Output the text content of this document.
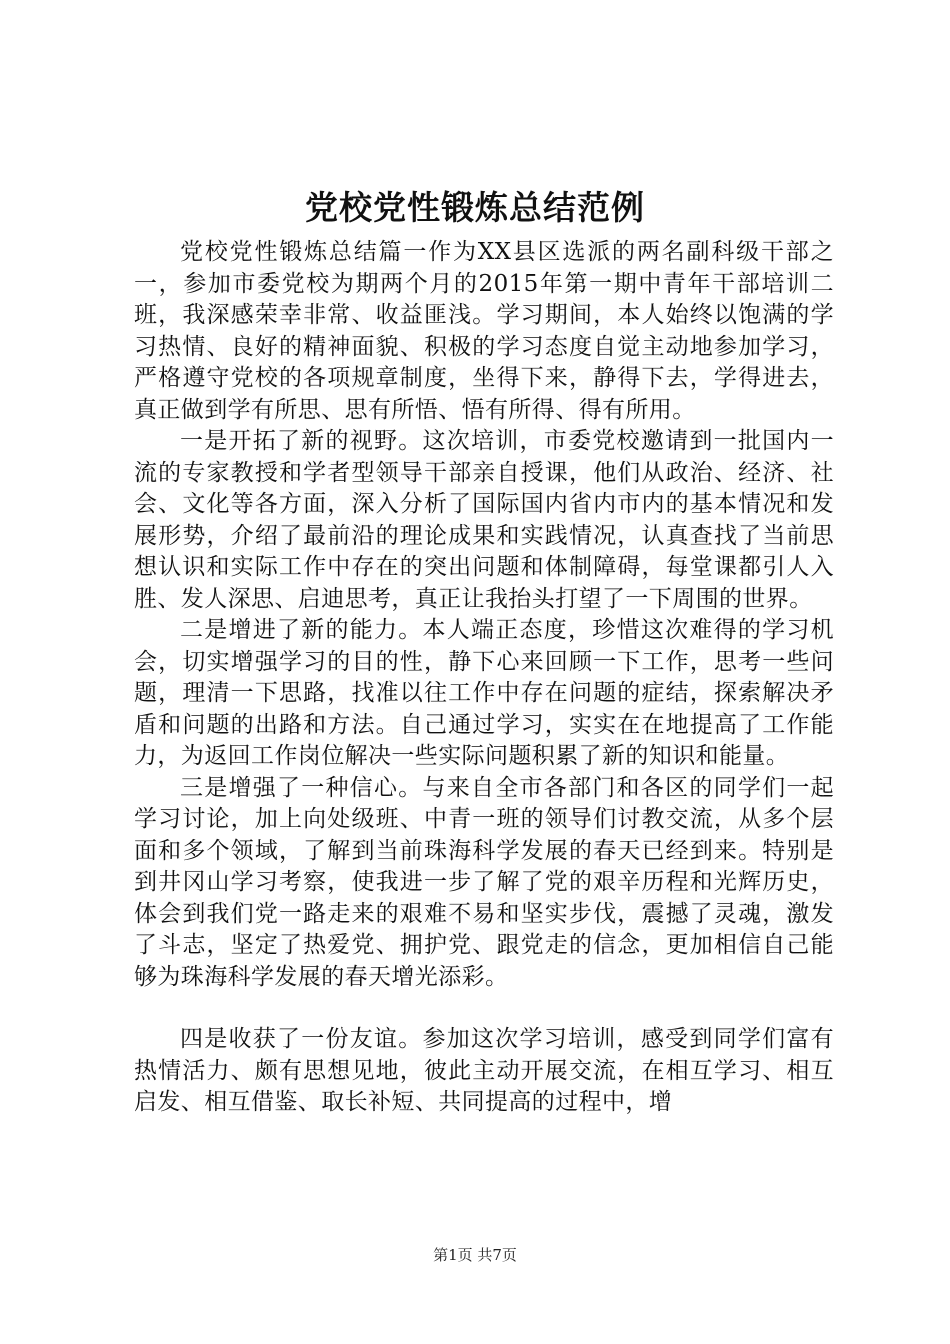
党校党性锻炼总结范例

党校党性锻炼总结篇一作为XX县区选派的两名副科级干部之一，参加市委党校为期两个月的2015年第一期中青年干部培训二班，我深感荣幸非常、收益匪浅。学习期间，本人始终以饱满的学习热情、良好的精神面貌、积极的学习态度自觉主动地参加学习，严格遵守党校的各项规章制度，坐得下来，静得下去，学得进去，真正做到学有所思、思有所悟、悟有所得、得有所用。

一是开拓了新的视野。这次培训，市委党校邀请到一批国内一流的专家教授和学者型领导干部亲自授课，他们从政治、经济、社会、文化等各方面，深入分析了国际国内省内市内的基本情况和发展形势，介绍了最前沿的理论成果和实践情况，认真查找了当前思想认识和实际工作中存在的突出问题和体制障碍，每堂课都引人入胜、发人深思、启迪思考，真正让我抬头打望了一下周围的世界。

二是增进了新的能力。本人端正态度，珍惜这次难得的学习机会，切实增强学习的目的性，静下心来回顾一下工作，思考一些问题，理清一下思路，找准以往工作中存在问题的症结，探索解决矛盾和问题的出路和方法。自己通过学习，实实在在地提高了工作能力，为返回工作岗位解决一些实际问题积累了新的知识和能量。

三是增强了一种信心。与来自全市各部门和各区的同学们一起学习讨论，加上向处级班、中青一班的领导们讨教交流，从多个层面和多个领域，了解到当前珠海科学发展的春天已经到来。特别是到井冈山学习考察，使我进一步了解了党的艰辛历程和光辉历史，体会到我们党一路走来的艰难不易和坚实步伐，震撼了灵魂，激发了斗志，坚定了热爱党、拥护党、跟党走的信念，更加相信自己能够为珠海科学发展的春天增光添彩。

四是收获了一份友谊。参加这次学习培训，感受到同学们富有热情活力、颇有思想见地，彼此主动开展交流，在相互学习、相互启发、相互借鉴、取长补短、共同提高的过程中，增

第1页 共7页
